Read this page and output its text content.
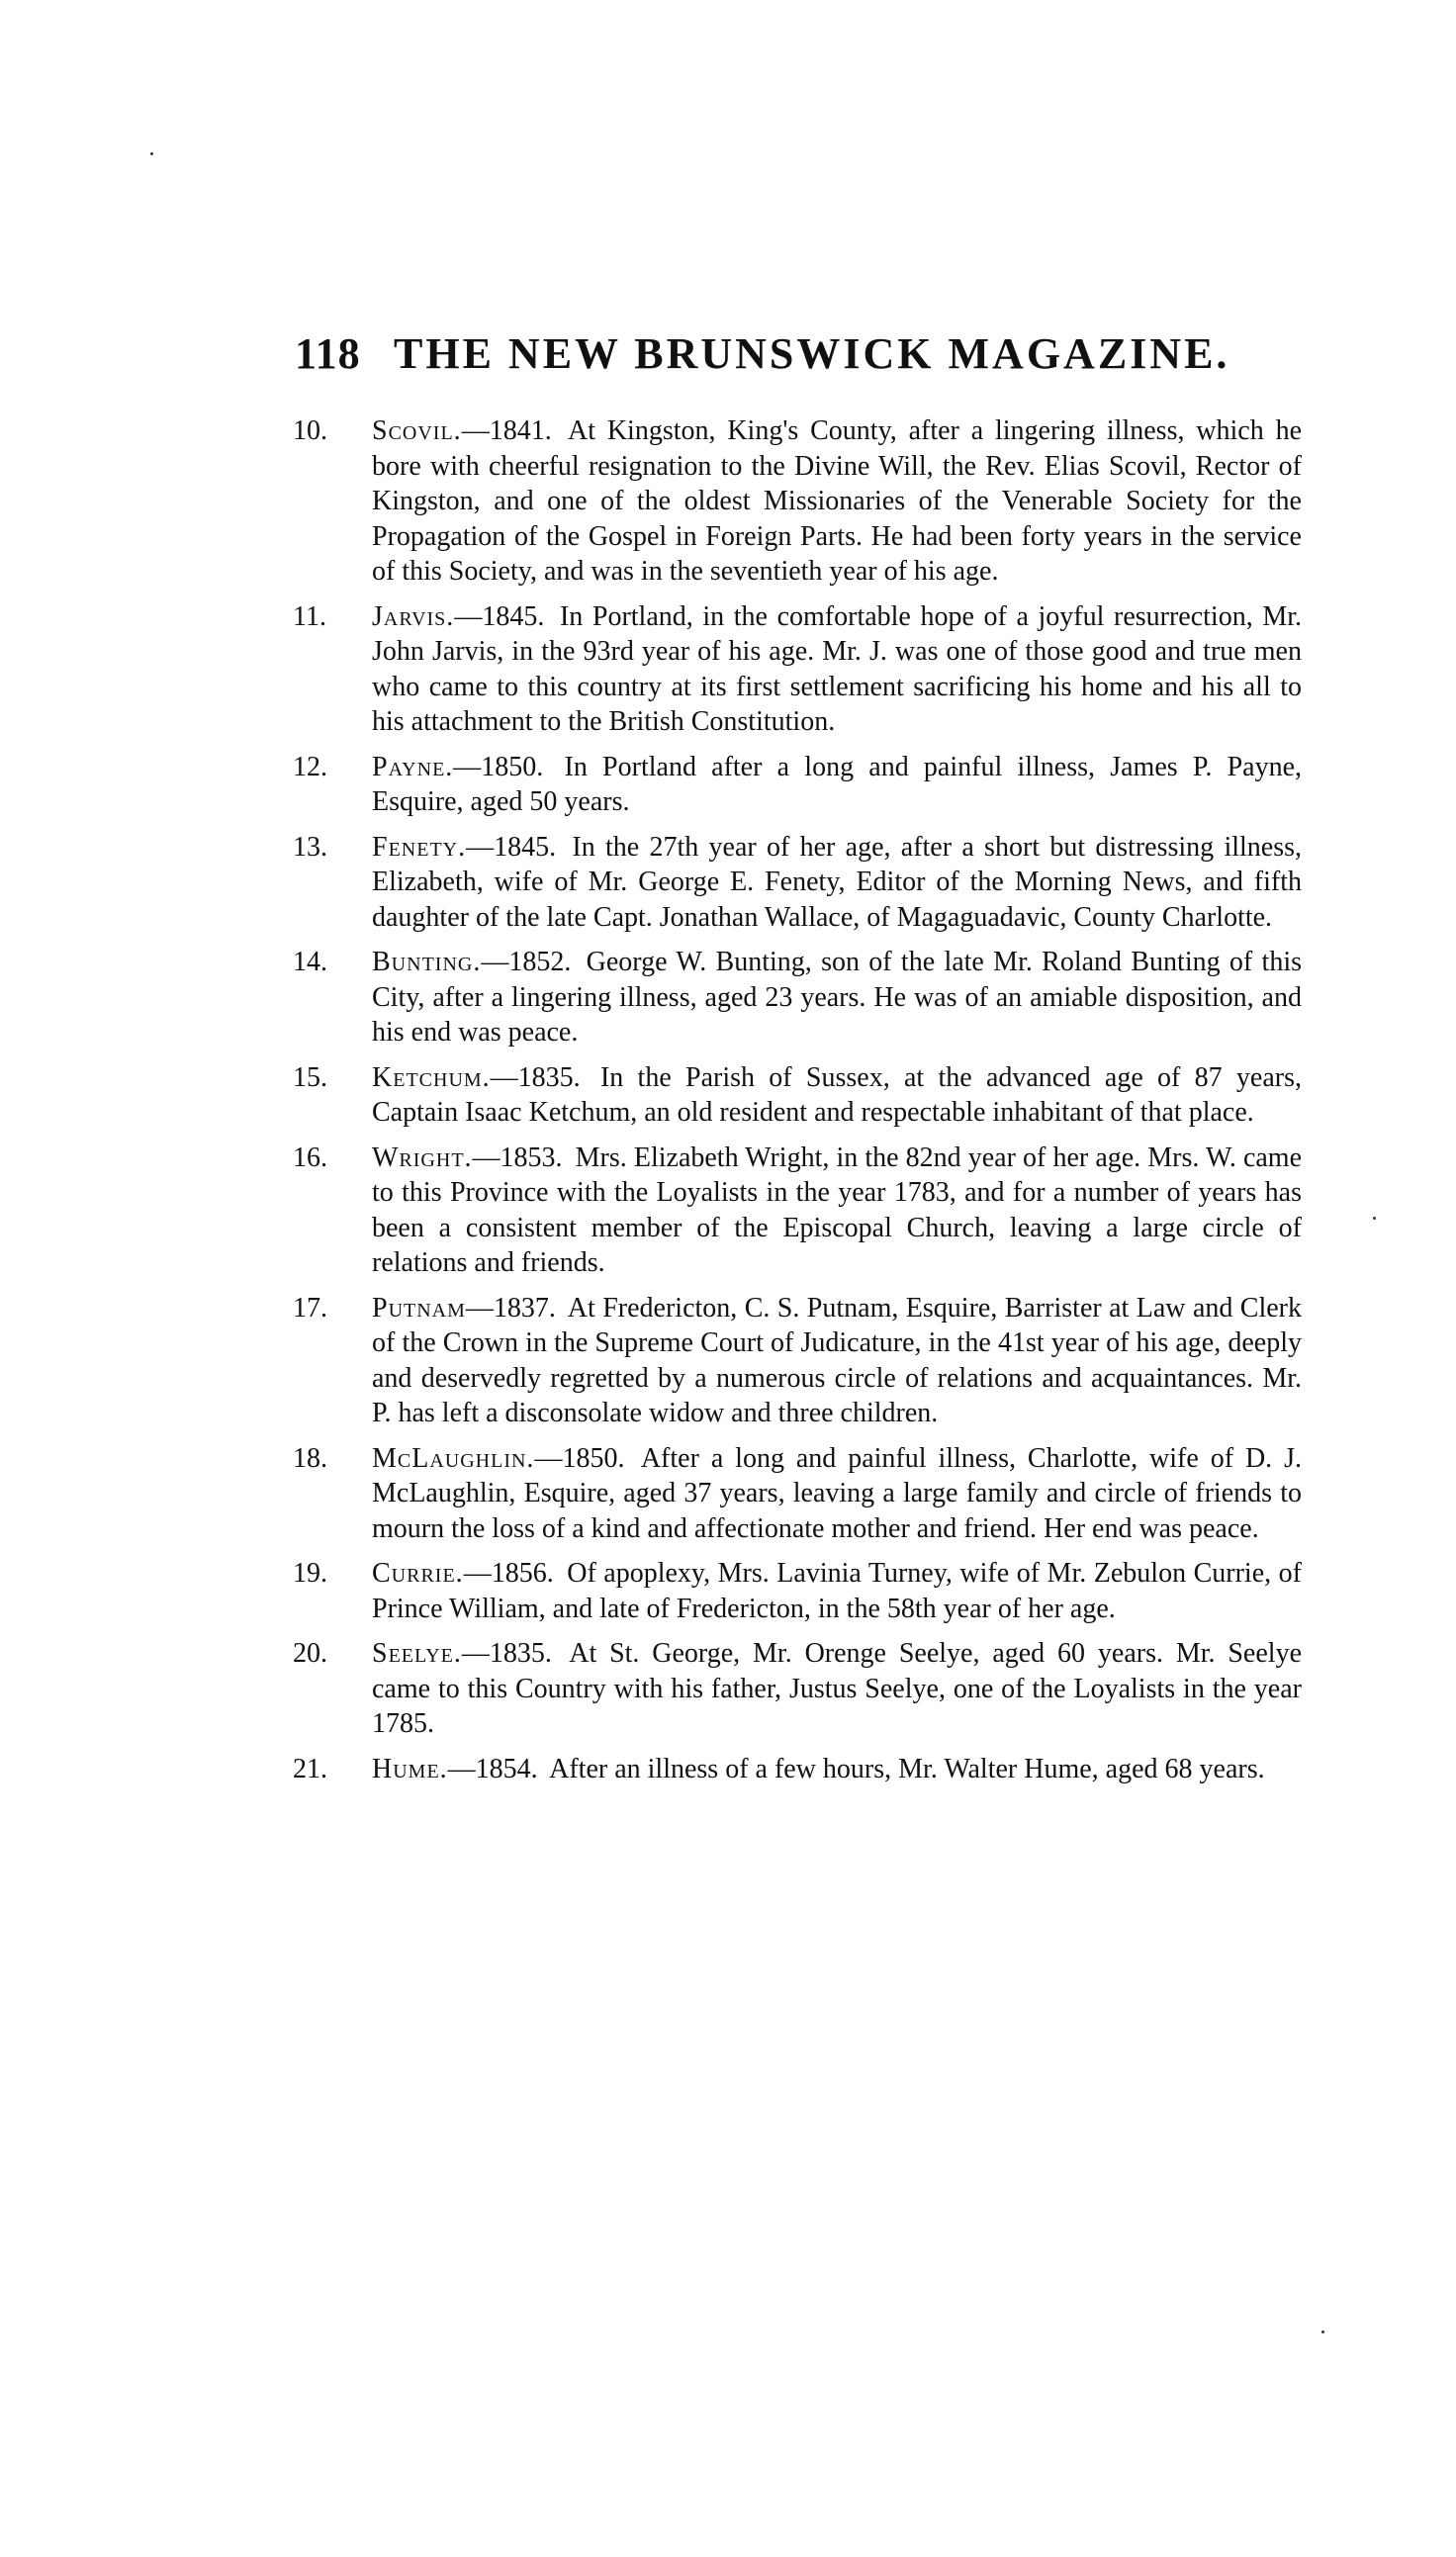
118 THE NEW BRUNSWICK MAGAZINE.
10.	Scovil.—1841. At Kingston, King's County, after a lingering illness, which he bore with cheerful resignation to the Divine Will, the Rev. Elias Scovil, Rector of Kingston, and one of the oldest Missionaries of the Venerable Society for the Propagation of the Gospel in Foreign Parts. He had been forty years in the service of this Society, and was in the seventieth year of his age.
11.	Jarvis.—1845. In Portland, in the comfortable hope of a joyful resurrection, Mr. John Jarvis, in the 93rd year of his age. Mr. J. was one of those good and true men who came to this country at its first settlement sacrificing his home and his all to his attachment to the British Constitution.
12.	Payne.—1850. In Portland after a long and painful illness, James P. Payne, Esquire, aged 50 years.
13.	Fenety.—1845. In the 27th year of her age, after a short but distressing illness, Elizabeth, wife of Mr. George E. Fenety, Editor of the Morning News, and fifth daughter of the late Capt. Jonathan Wallace, of Magaguadavic, County Charlotte.
14.	Bunting.—1852. George W. Bunting, son of the late Mr. Roland Bunting of this City, after a lingering illness, aged 23 years. He was of an amiable disposition, and his end was peace.
15.	Ketchum.—1835. In the Parish of Sussex, at the advanced age of 87 years, Captain Isaac Ketchum, an old resident and respectable inhabitant of that place.
16.	Wright.—1853. Mrs. Elizabeth Wright, in the 82nd year of her age. Mrs. W. came to this Province with the Loyalists in the year 1783, and for a number of years has been a consistent member of the Episcopal Church, leaving a large circle of relations and friends.
17.	Putnam—1837. At Fredericton, C. S. Putnam, Esquire, Barrister at Law and Clerk of the Crown in the Supreme Court of Judicature, in the 41st year of his age, deeply and deservedly regretted by a numerous circle of relations and acquaintances. Mr. P. has left a disconsolate widow and three children.
18.	McLaughlin.—1850. After a long and painful illness, Charlotte, wife of D. J. McLaughlin, Esquire, aged 37 years, leaving a large family and circle of friends to mourn the loss of a kind and affectionate mother and friend. Her end was peace.
19.	Currie.—1856. Of apoplexy, Mrs. Lavinia Turney, wife of Mr. Zebulon Currie, of Prince William, and late of Fredericton, in the 58th year of her age.
20.	Seelye.—1835. At St. George, Mr. Orenge Seelye, aged 60 years. Mr. Seelye came to this Country with his father, Justus Seelye, one of the Loyalists in the year 1785.
21.	Hume.—1854. After an illness of a few hours, Mr. Walter Hume, aged 68 years.
